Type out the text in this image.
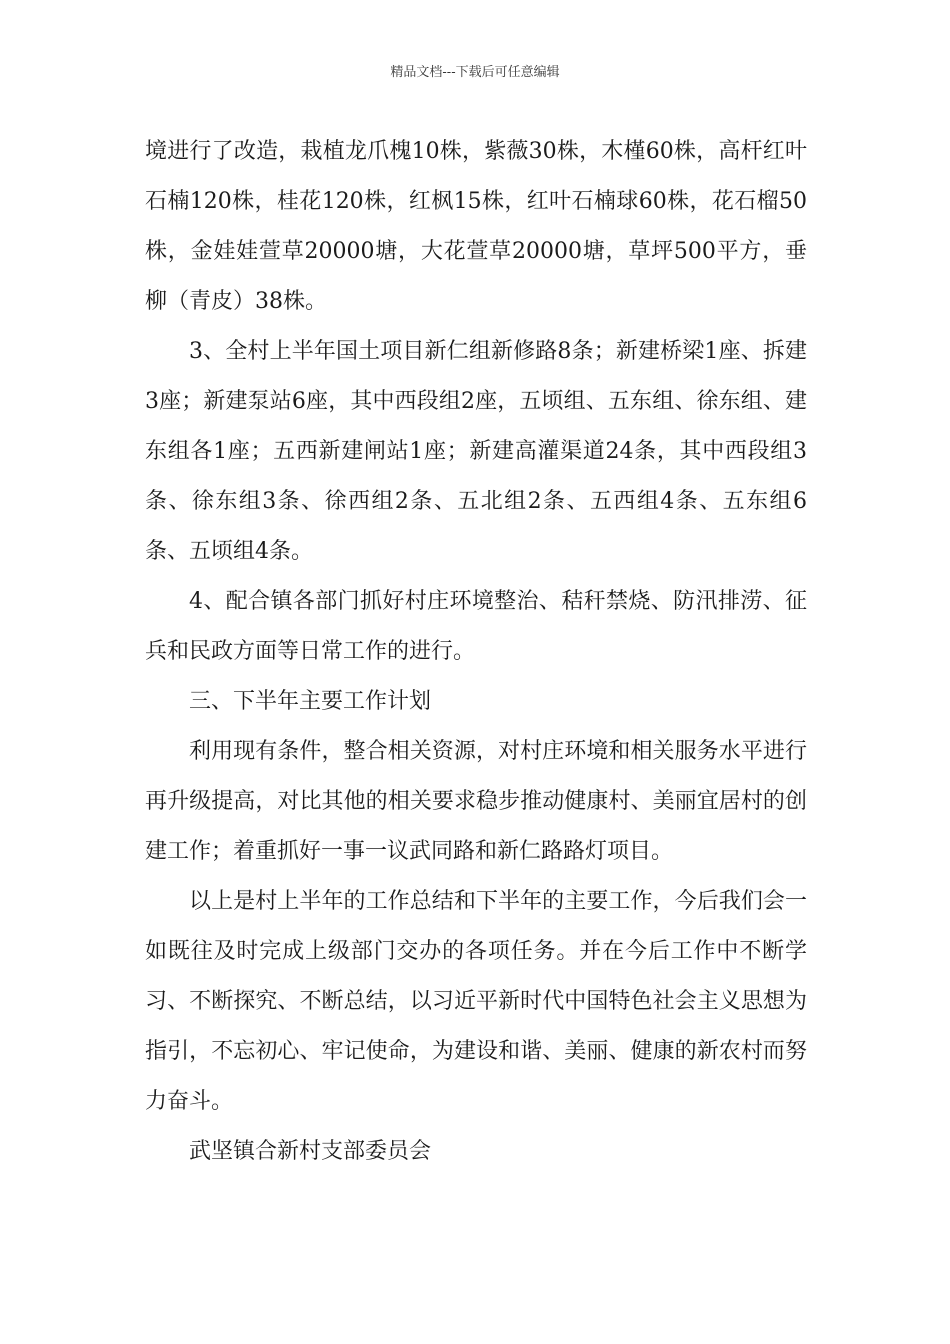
精品文档---下载后可任意编辑

境进行了改造，栽植龙爪槐10株，紫薇30株，木槿60株，高杆红叶石楠120株，桂花120株，红枫15株，红叶石楠球60株，花石榴50株，金娃娃萱草20000塘，大花萱草20000塘，草坪500平方，垂柳（青皮）38株。

3、全村上半年国土项目新仁组新修路8条；新建桥梁1座、拆建3座；新建泵站6座，其中西段组2座，五顷组、五东组、徐东组、建东组各1座；五西新建闸站1座；新建高灌渠道24条，其中西段组3条、徐东组3条、徐西组2条、五北组2条、五西组4条、五东组6条、五顷组4条。

4、配合镇各部门抓好村庄环境整治、秸秆禁烧、防汛排涝、征兵和民政方面等日常工作的进行。

三、下半年主要工作计划

利用现有条件，整合相关资源，对村庄环境和相关服务水平进行再升级提高，对比其他的相关要求稳步推动健康村、美丽宜居村的创建工作；着重抓好一事一议武同路和新仁路路灯项目。

以上是村上半年的工作总结和下半年的主要工作，今后我们会一如既往及时完成上级部门交办的各项任务。并在今后工作中不断学习、不断探究、不断总结，以习近平新时代中国特色社会主义思想为指引，不忘初心、牢记使命，为建设和谐、美丽、健康的新农村而努力奋斗。

武坚镇合新村支部委员会
